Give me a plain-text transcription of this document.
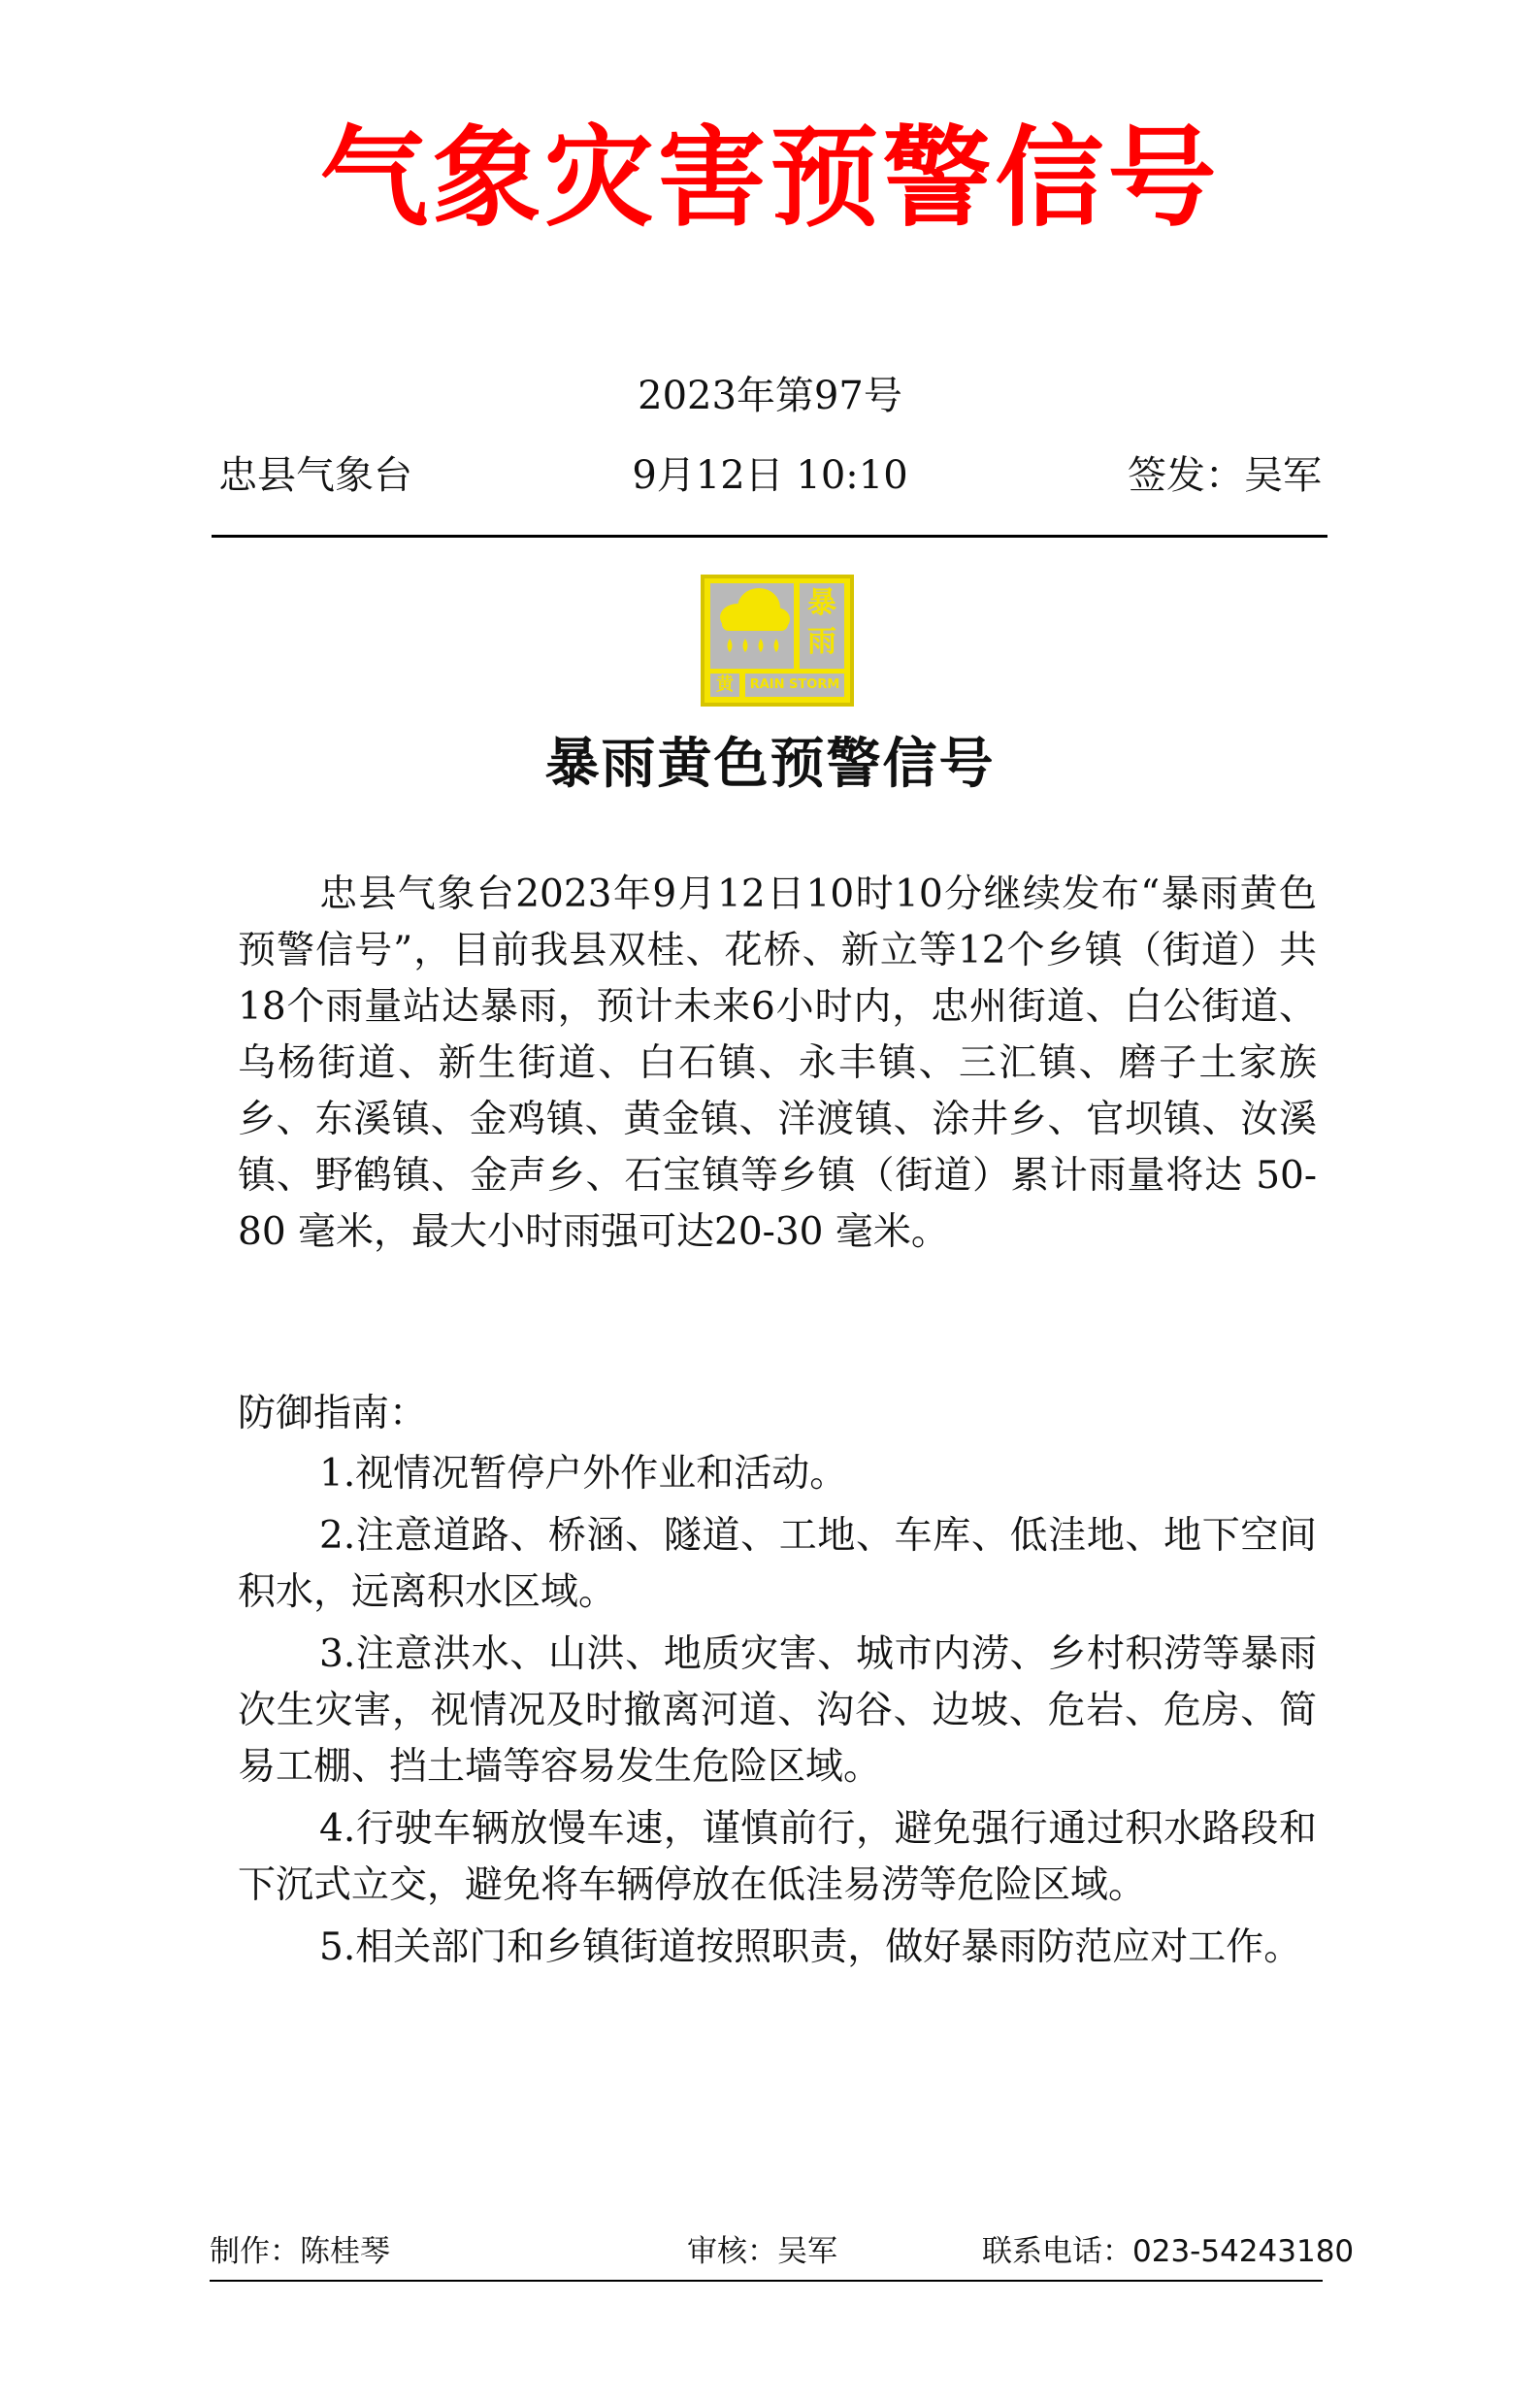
气象灾害预警信号
2023年第97号
忠县气象台	9月12日 10:10	签发：吴军
暴
雨
黄	RAIN STORM
暴雨黄色预警信号
忠县气象台2023年9月12日10时10分继续发布“暴雨黄色预警信号”，目前我县双桂、花桥、新立等12个乡镇（街道）共18个雨量站达暴雨，预计未来6小时内，忠州街道、白公街道、乌杨街道、新生街道、白石镇、永丰镇、三汇镇、磨子土家族乡、东溪镇、金鸡镇、黄金镇、洋渡镇、涂井乡、官坝镇、汝溪镇、野鹤镇、金声乡、石宝镇等乡镇（街道）累计雨量将达 50-80 毫米，最大小时雨强可达20-30 毫米。
防御指南：

1.视情况暂停户外作业和活动。

2.注意道路、桥涵、隧道、工地、车库、低洼地、地下空间积水，远离积水区域。

3.注意洪水、山洪、地质灾害、城市内涝、乡村积涝等暴雨次生灾害，视情况及时撤离河道、沟谷、边坡、危岩、危房、简易工棚、挡土墙等容易发生危险区域。

4.行驶车辆放慢车速，谨慎前行，避免强行通过积水路段和下沉式立交，避免将车辆停放在低洼易涝等危险区域。

5.相关部门和乡镇街道按照职责，做好暴雨防范应对工作。

制作：陈桂琴	审核：吴军	联系电话：023-54243180
